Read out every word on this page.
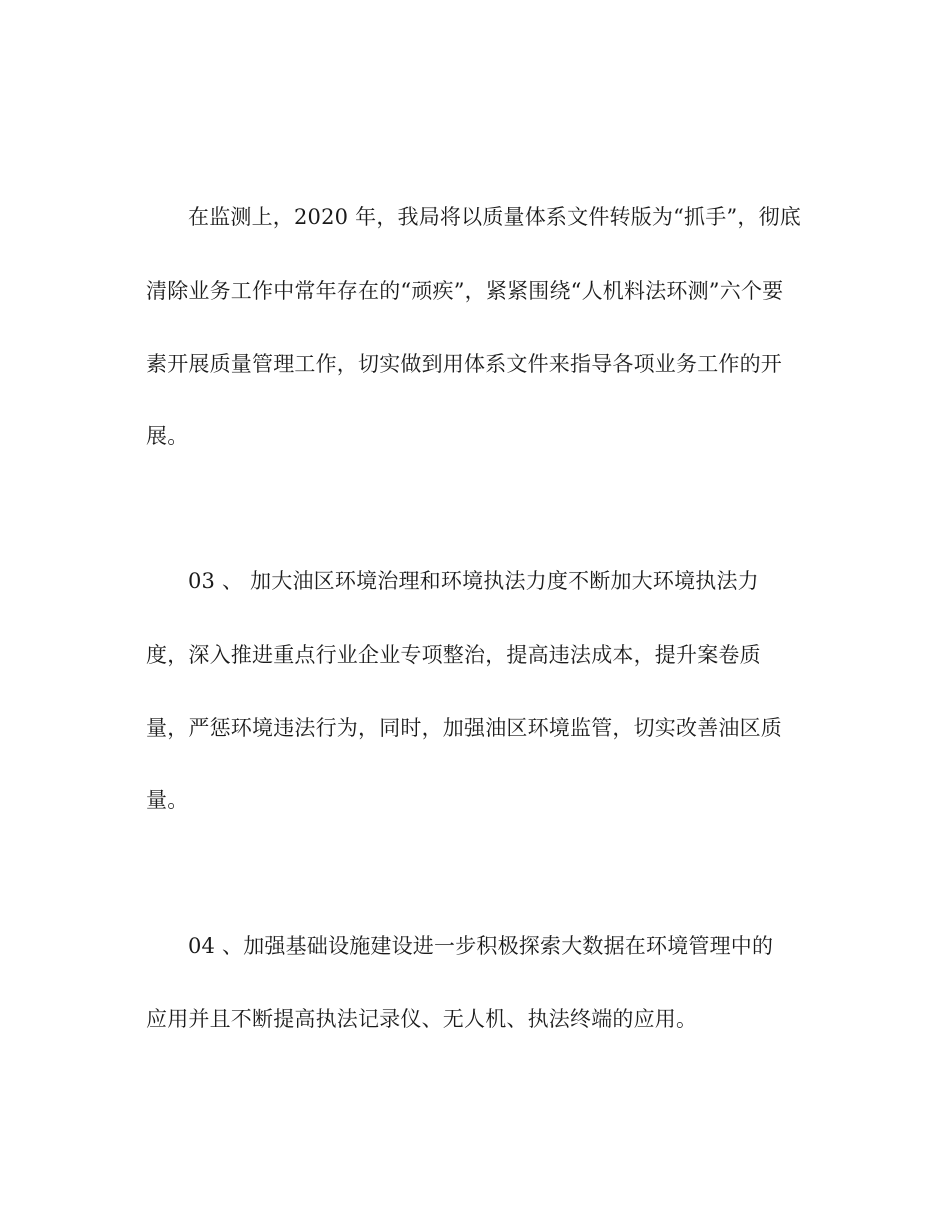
在监测上，2020 年，我局将以质量体系文件转版为“抓手”，彻底

清除业务工作中常年存在的“顽疾”，紧紧围绕“人机料法环测”六个要

素开展质量管理工作，切实做到用体系文件来指导各项业务工作的开

展。

03 、 加大油区环境治理和环境执法力度不断加大环境执法力

度，深入推进重点行业企业专项整治，提高违法成本，提升案卷质

量，严惩环境违法行为，同时，加强油区环境监管，切实改善油区质

量。

04 、加强基础设施建设进一步积极探索大数据在环境管理中的

应用并且不断提高执法记录仪、无人机、执法终端的应用。
